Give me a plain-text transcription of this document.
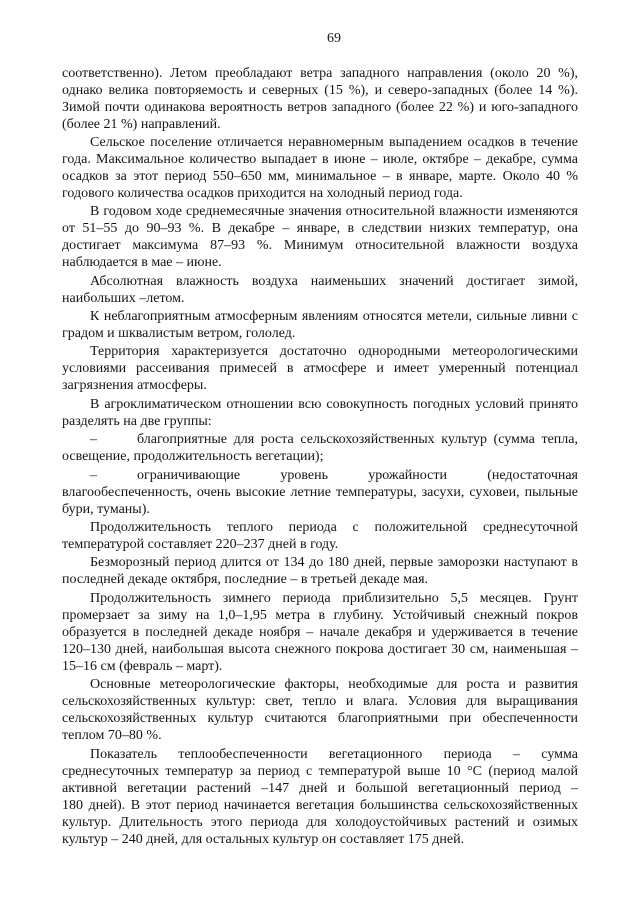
69
соответственно). Летом преобладают ветра западного направления (около 20 %),
однако велика повторяемость и северных (15 %), и северо-западных (более 14 %).
Зимой почти одинакова вероятность ветров западного (более 22 %) и юго-западного
(более 21 %) направлений.
Сельское поселение отличается неравномерным выпадением осадков в течение
года. Максимальное количество выпадает в июне – июле, октябре – декабре, сумма
осадков за этот период 550–650 мм, минимальное – в январе, марте. Около 40 %
годового количества осадков приходится на холодный период года.
В годовом ходе среднемесячные значения относительной влажности изменяются
от 51–55 до 90–93 %. В декабре – январе, в следствии низких температур, она
достигает максимума 87–93 %. Минимум относительной влажности воздуха
наблюдается в мае – июне.
Абсолютная влажность воздуха наименьших значений достигает зимой,
наибольших –летом.
К неблагоприятным атмосферным явлениям относятся метели, сильные ливни с
градом и шквалистым ветром, гололед.
Территория характеризуется достаточно однородными метеорологическими
условиями рассеивания примесей в атмосфере и имеет умеренный потенциал
загрязнения атмосферы.
В агроклиматическом отношении всю совокупность погодных условий принято
разделять на две группы:
–	благоприятные для роста сельскохозяйственных культур (сумма тепла,
освещение, продолжительность вегетации);
–	ограничивающие уровень урожайности (недостаточная
влагообеспеченность, очень высокие летние температуры, засухи, суховеи, пыльные
бури, туманы).
Продолжительность теплого периода с положительной среднесуточной
температурой составляет 220–237 дней в году.
Безморозный период длится от 134 до 180 дней, первые заморозки наступают в
последней декаде октября, последние – в третьей декаде мая.
Продолжительность зимнего периода приблизительно 5,5 месяцев. Грунт
промерзает за зиму на 1,0–1,95 метра в глубину. Устойчивый снежный покров
образуется в последней декаде ноября – начале декабря и удерживается в течение
120–130 дней, наибольшая высота снежного покрова достигает 30 см, наименьшая –
15–16 см (февраль – март).
Основные метеорологические факторы, необходимые для роста и развития
сельскохозяйственных культур: свет, тепло и влага. Условия для выращивания
сельскохозяйственных культур считаются благоприятными при обеспеченности
теплом 70–80 %.
Показатель теплообеспеченности вегетационного периода – сумма
среднесуточных температур за период с температурой выше 10 °C (период малой
активной вегетации растений –147 дней и большой вегетационный период –
180 дней). В этот период начинается вегетация большинства сельскохозяйственных
культур. Длительность этого периода для холодоустойчивых растений и озимых
культур – 240 дней, для остальных культур он составляет 175 дней.
